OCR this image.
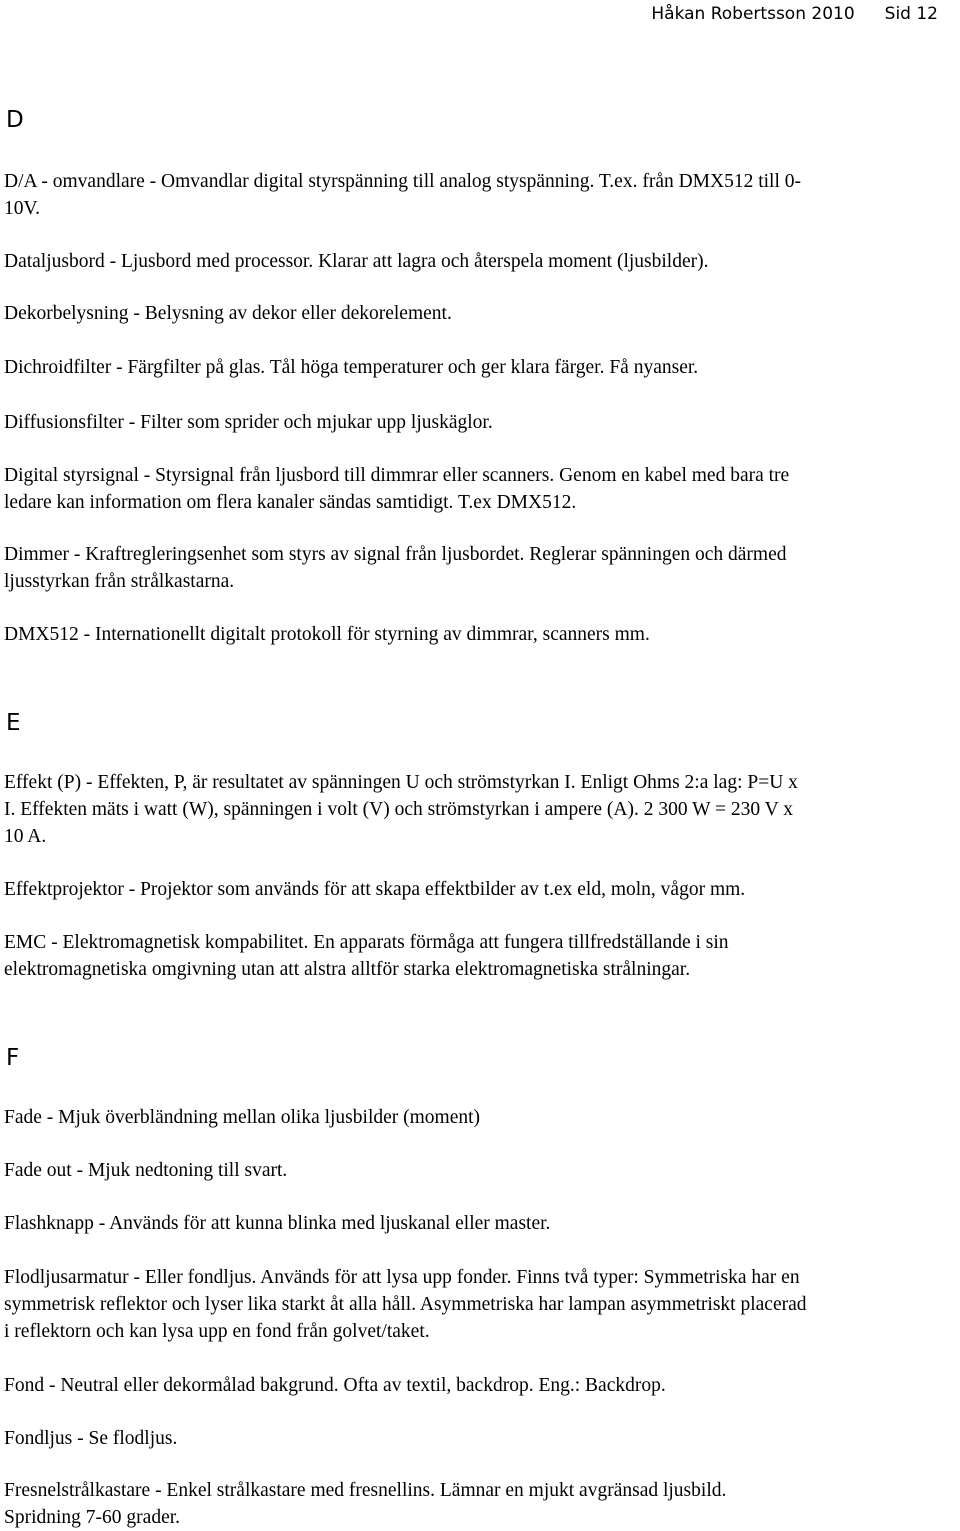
Håkan Robertsson 2010 Sid 12
D
D/A - omvandlare - Omvandlar digital styrspänning till analog styspänning. T.ex. från DMX512 till 0-
10V.
Dataljusbord - Ljusbord med processor. Klarar att lagra och återspela moment (ljusbilder).
Dekorbelysning - Belysning av dekor eller dekorelement.
Dichroidfilter - Färgfilter på glas. Tål höga temperaturer och ger klara färger. Få nyanser.
Diffusionsfilter - Filter som sprider och mjukar upp ljuskäglor.
Digital styrsignal - Styrsignal från ljusbord till dimmrar eller scanners. Genom en kabel med bara tre
ledare kan information om flera kanaler sändas samtidigt. T.ex DMX512.
Dimmer - Kraftregleringsenhet som styrs av signal från ljusbordet. Reglerar spänningen och därmed
ljusstyrkan från strålkastarna.
DMX512 - Internationellt digitalt protokoll för styrning av dimmrar, scanners mm.
E
Effekt (P) - Effekten, P, är resultatet av spänningen U och strömstyrkan I. Enligt Ohms 2:a lag: P=U x
I. Effekten mäts i watt (W), spänningen i volt (V) och strömstyrkan i ampere (A). 2 300 W = 230 V x
10 A.
Effektprojektor - Projektor som används för att skapa effektbilder av t.ex eld, moln, vågor mm.
EMC - Elektromagnetisk kompabilitet. En apparats förmåga att fungera tillfredställande i sin
elektromagnetiska omgivning utan att alstra alltför starka elektromagnetiska strålningar.
F
Fade - Mjuk överbländning mellan olika ljusbilder (moment)
Fade out - Mjuk nedtoning till svart.
Flashknapp - Används för att kunna blinka med ljuskanal eller master.
Flodljusarmatur - Eller fondljus. Används för att lysa upp fonder. Finns två typer: Symmetriska har en
symmetrisk reflektor och lyser lika starkt åt alla håll. Asymmetriska har lampan asymmetriskt placerad
i reflektorn och kan lysa upp en fond från golvet/taket.
Fond - Neutral eller dekormålad bakgrund. Ofta av textil, backdrop. Eng.: Backdrop.
Fondljus - Se flodljus.
Fresnelstrålkastare - Enkel strålkastare med fresnellins. Lämnar en mjukt avgränsad ljusbild.
Spridning 7-60 grader.
